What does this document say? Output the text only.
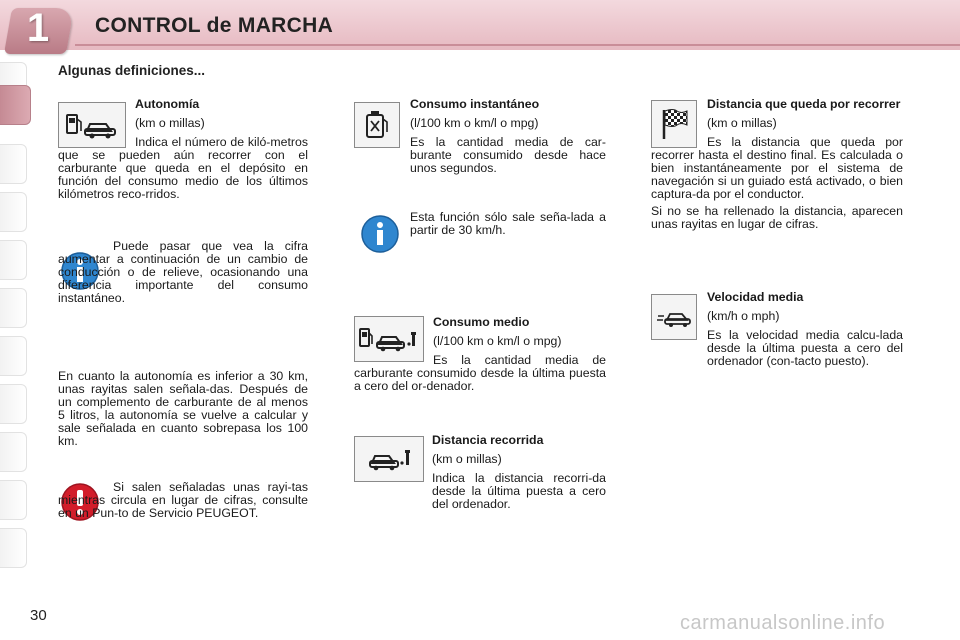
1	CONTROL de MARCHA
Algunas definiciones...

Autonomía

(km o millas)

Indica el número de kiló-metros que se pueden aún recorrer con el carburante que queda en el depósito en función del consumo medio de los últimos kilómetros reco-rridos.

Puede pasar que vea la cifra aumentar a continuación de un cambio de conducción o de relieve, ocasionando una diferencia importante del consumo instantáneo.

En cuanto la autonomía es inferior a 30 km, unas rayitas salen señala-das. Después de un complemento de carburante de al menos 5 litros, la autonomía se vuelve a calcular y sale señalada en cuanto sobrepasa los 100 km.

Si salen señaladas unas rayi-tas mientras circula en lugar de cifras, consulte en un Pun-to de Servicio PEUGEOT.

Consumo instantáneo

(l/100 km o km/l o mpg)

Es la cantidad media de car-burante consumido desde hace unos segundos.

Esta función sólo sale seña-lada a partir de 30 km/h.

Consumo medio

(l/100 km o km/l o mpg)

Es la cantidad media de carburante consumido desde la última puesta a cero del or-denador.

Distancia recorrida

(km o millas)

Indica la distancia recorri-da desde la última puesta a cero del ordenador.

Distancia que queda por recorrer

(km o millas)

Es la distancia que queda por recorrer hasta el destino final. Es calculada o bien instantáneamente por el sistema de navegación si un guiado está activado, o bien captura-da por el conductor.

Si no se ha rellenado la distancia, aparecen unas rayitas en lugar de cifras.

Velocidad media

(km/h o mph)

Es la velocidad media calcu-lada desde la última puesta a cero del ordenador (con-tacto puesto).

30	carmanualsonline.info
